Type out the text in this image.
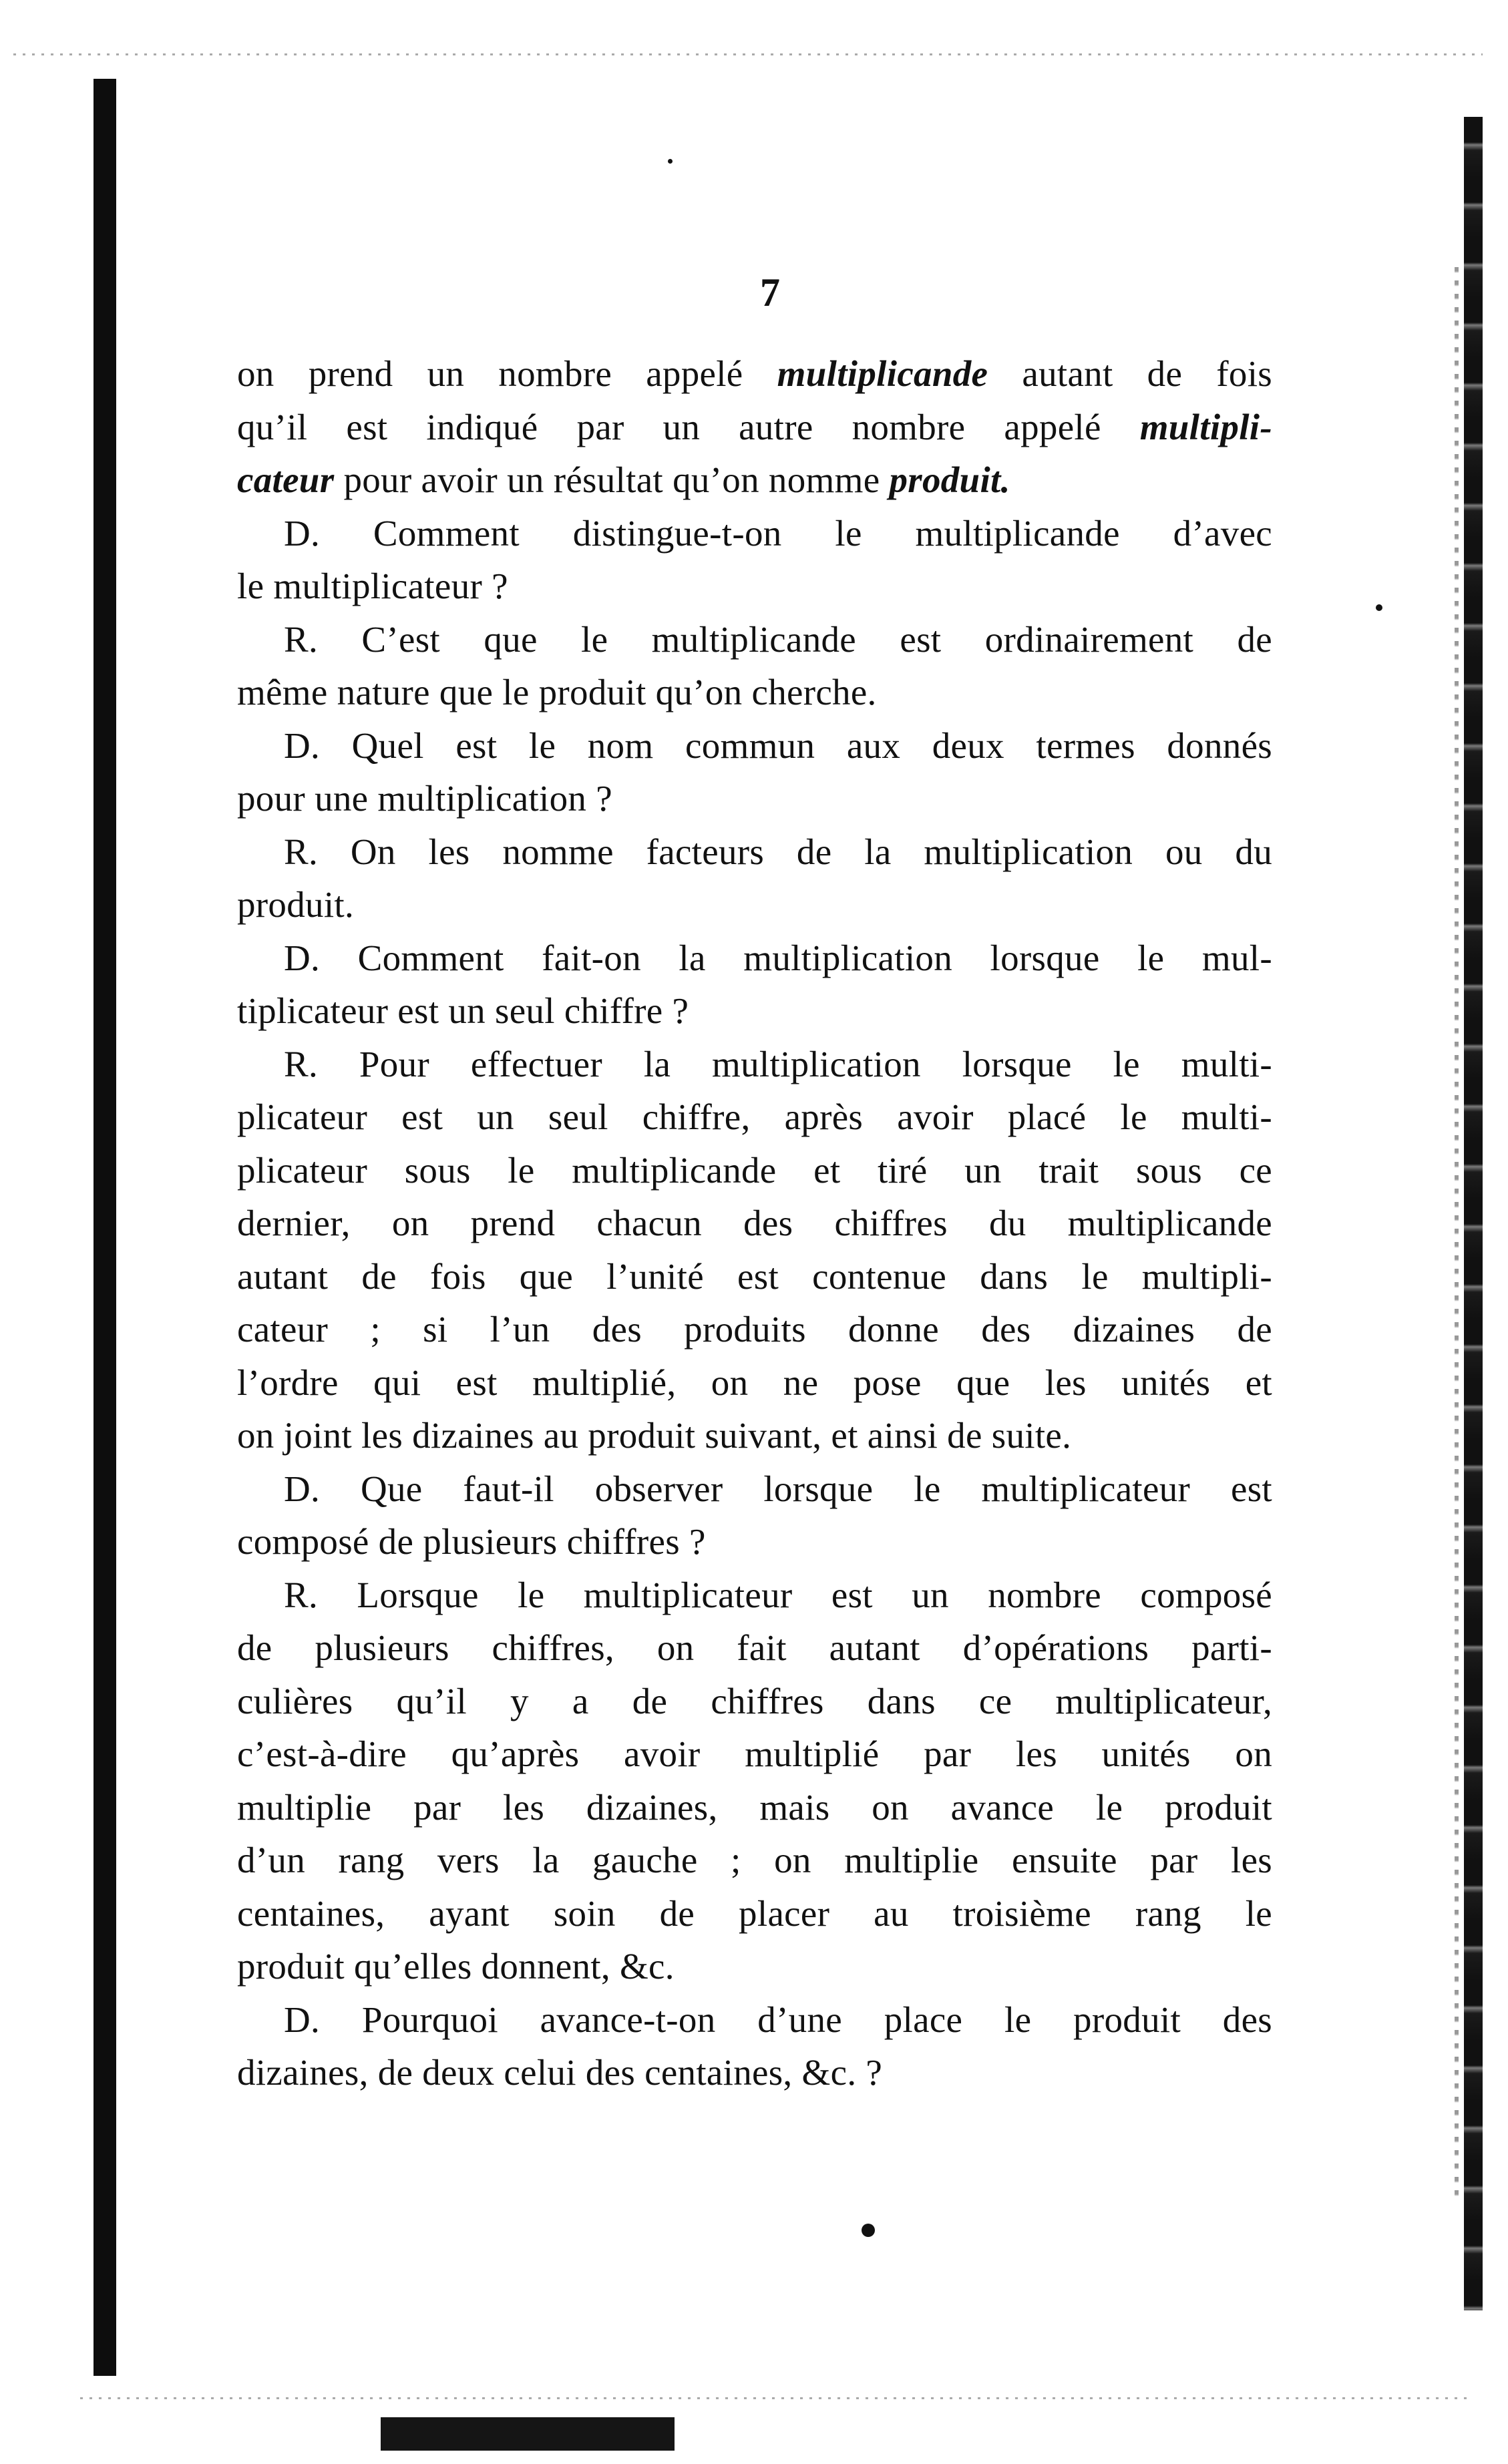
7
on prend un nombre appelé multiplicande autant de fois
qu’il est indiqué par un autre nombre appelé multipli-
cateur pour avoir un résultat qu’on nomme produit.
D. Comment distingue-t-on le multiplicande d’avec
le multiplicateur ?
R. C’est que le multiplicande est ordinairement de
même nature que le produit qu’on cherche.
D. Quel est le nom commun aux deux termes donnés
pour une multiplication ?
R. On les nomme facteurs de la multiplication ou du
produit.
D. Comment fait-on la multiplication lorsque le mul-
tiplicateur est un seul chiffre ?
R. Pour effectuer la multiplication lorsque le multi-
plicateur est un seul chiffre, après avoir placé le multi-
plicateur sous le multiplicande et tiré un trait sous ce
dernier, on prend chacun des chiffres du multiplicande
autant de fois que l’unité est contenue dans le multipli-
cateur ; si l’un des produits donne des dizaines de
l’ordre qui est multiplié, on ne pose que les unités et
on joint les dizaines au produit suivant, et ainsi de suite.
D. Que faut-il observer lorsque le multiplicateur est
composé de plusieurs chiffres ?
R. Lorsque le multiplicateur est un nombre composé
de plusieurs chiffres, on fait autant d’opérations parti-
culières qu’il y a de chiffres dans ce multiplicateur,
c’est-à-dire qu’après avoir multiplié par les unités on
multiplie par les dizaines, mais on avance le produit
d’un rang vers la gauche ; on multiplie ensuite par les
centaines, ayant soin de placer au troisième rang le
produit qu’elles donnent, &c.
D. Pourquoi avance-t-on d’une place le produit des
dizaines, de deux celui des centaines, &c. ?
